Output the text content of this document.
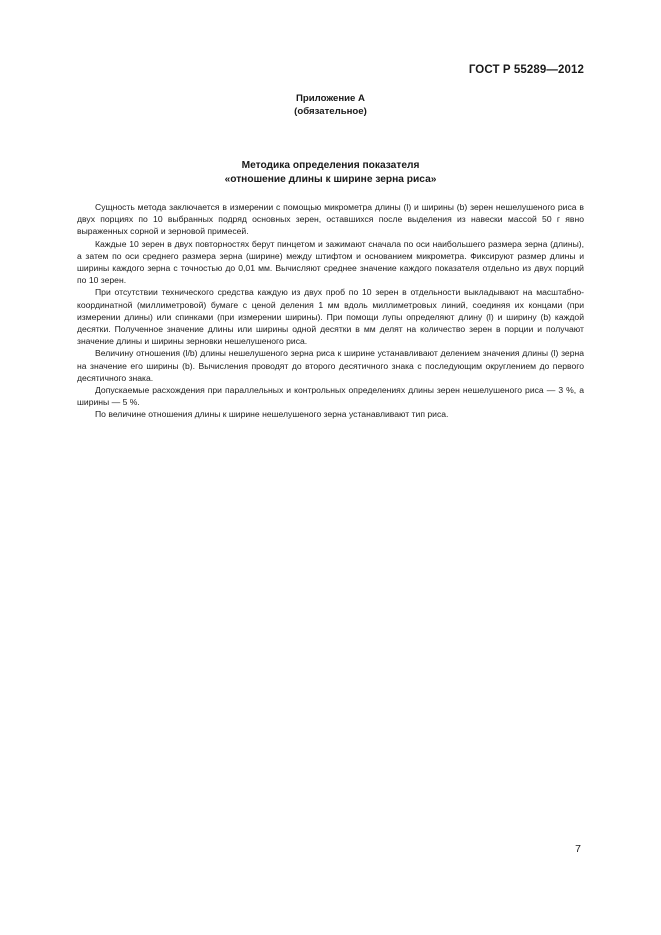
ГОСТ Р 55289—2012
Приложение А
(обязательное)
Методика определения показателя
«отношение длины к ширине зерна риса»

Сущность метода заключается в измерении с помощью микрометра длины (l) и ширины (b) зерен нешелушеного риса в двух порциях по 10 выбранных подряд основных зерен, оставшихся после выделения из навески массой 50 г явно выраженных сорной и зерновой примесей.

Каждые 10 зерен в двух повторностях берут пинцетом и зажимают сначала по оси наибольшего размера зерна (длины), а затем по оси среднего размера зерна (ширине) между штифтом и основанием микрометра. Фиксируют размер длины и ширины каждого зерна с точностью до 0,01 мм. Вычисляют среднее значение каждого показателя отдельно из двух порций по 10 зерен.

При отсутствии технического средства каждую из двух проб по 10 зерен в отдельности выкладывают на масштабно-координатной (миллиметровой) бумаге с ценой деления 1 мм вдоль миллиметровых линий, соединяя их концами (при измерении длины) или спинками (при измерении ширины). При помощи лупы определяют длину (l) и ширину (b) каждой десятки. Полученное значение длины или ширины одной десятки в мм делят на количество зерен в порции и получают значение длины и ширины зерновки нешелушеного риса.

Величину отношения (l/b) длины нешелушеного зерна риса к ширине устанавливают делением значения длины (l) зерна на значение его ширины (b). Вычисления проводят до второго десятичного знака с последующим округлением до первого десятичного знака.

Допускаемые расхождения при параллельных и контрольных определениях длины зерен нешелушеного риса — 3 %, а ширины — 5 %.

По величине отношения длины к ширине нешелушеного зерна устанавливают тип риса.

7
